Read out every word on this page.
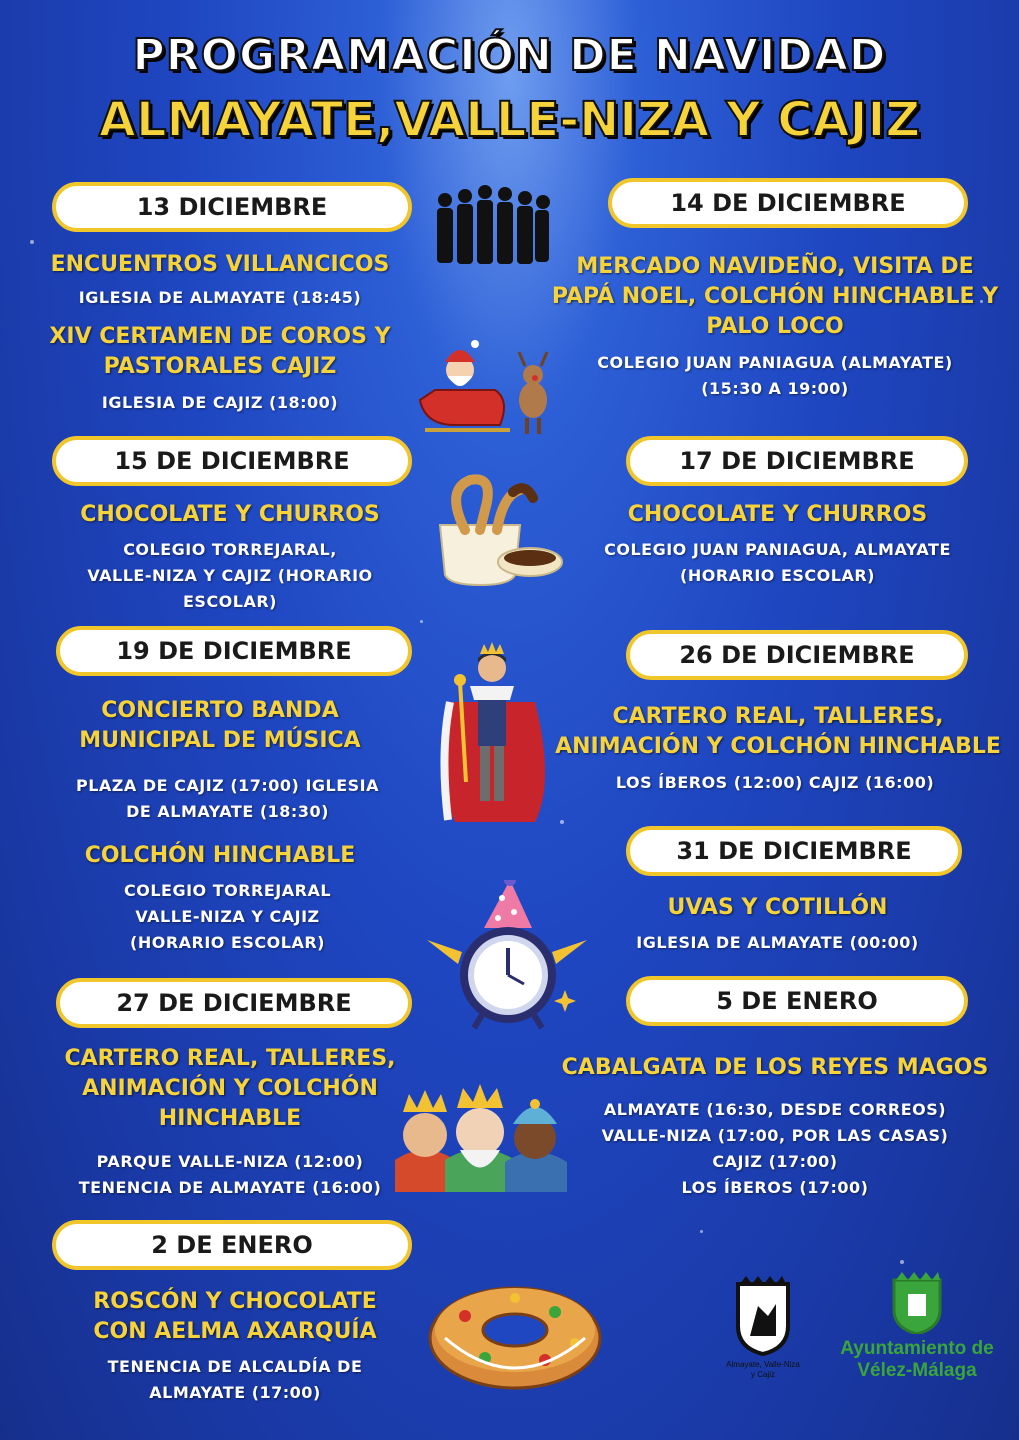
PROGRAMACIÓN DE NAVIDAD
ALMAYATE,VALLE-NIZA Y CAJIZ
13 DICIEMBRE
ENCUENTROS VILLANCICOS
IGLESIA DE ALMAYATE (18:45)
XIV CERTAMEN DE COROS Y
PASTORALES CAJIZ
IGLESIA DE CAJIZ (18:00)
14 DE DICIEMBRE
MERCADO NAVIDEÑO, VISITA DE
PAPÁ NOEL, COLCHÓN HINCHABLE Y
PALO LOCO
COLEGIO JUAN PANIAGUA (ALMAYATE)
(15:30 A 19:00)
15 DE DICIEMBRE
CHOCOLATE Y CHURROS
COLEGIO TORREJARAL,
VALLE-NIZA Y CAJIZ (HORARIO
ESCOLAR)
17 DE DICIEMBRE
CHOCOLATE Y CHURROS
COLEGIO JUAN PANIAGUA, ALMAYATE
(HORARIO ESCOLAR)
19 DE DICIEMBRE
CONCIERTO BANDA
MUNICIPAL DE MÚSICA
PLAZA DE CAJIZ (17:00) IGLESIA
DE ALMAYATE (18:30)
COLCHÓN HINCHABLE
COLEGIO TORREJARAL
VALLE-NIZA Y CAJIZ
(HORARIO ESCOLAR)
26 DE DICIEMBRE
CARTERO REAL, TALLERES,
ANIMACIÓN Y COLCHÓN HINCHABLE
LOS ÍBEROS (12:00) CAJIZ (16:00)
31 DE DICIEMBRE
UVAS Y COTILLÓN
IGLESIA DE ALMAYATE (00:00)
27 DE DICIEMBRE
CARTERO REAL, TALLERES,
ANIMACIÓN Y COLCHÓN
HINCHABLE
PARQUE VALLE-NIZA (12:00)
TENENCIA DE ALMAYATE (16:00)
5 DE ENERO
CABALGATA DE LOS REYES MAGOS
ALMAYATE (16:30, DESDE CORREOS)
VALLE-NIZA (17:00, POR LAS CASAS)
CAJIZ (17:00)
LOS ÍBEROS (17:00)
2 DE ENERO
ROSCÓN Y CHOCOLATE
CON AELMA AXARQUÍA
TENENCIA DE ALCALDÍA DE
ALMAYATE (17:00)
Almayate, Valle-Niza
y Cajiz
Ayuntamiento de
Vélez-Málaga
